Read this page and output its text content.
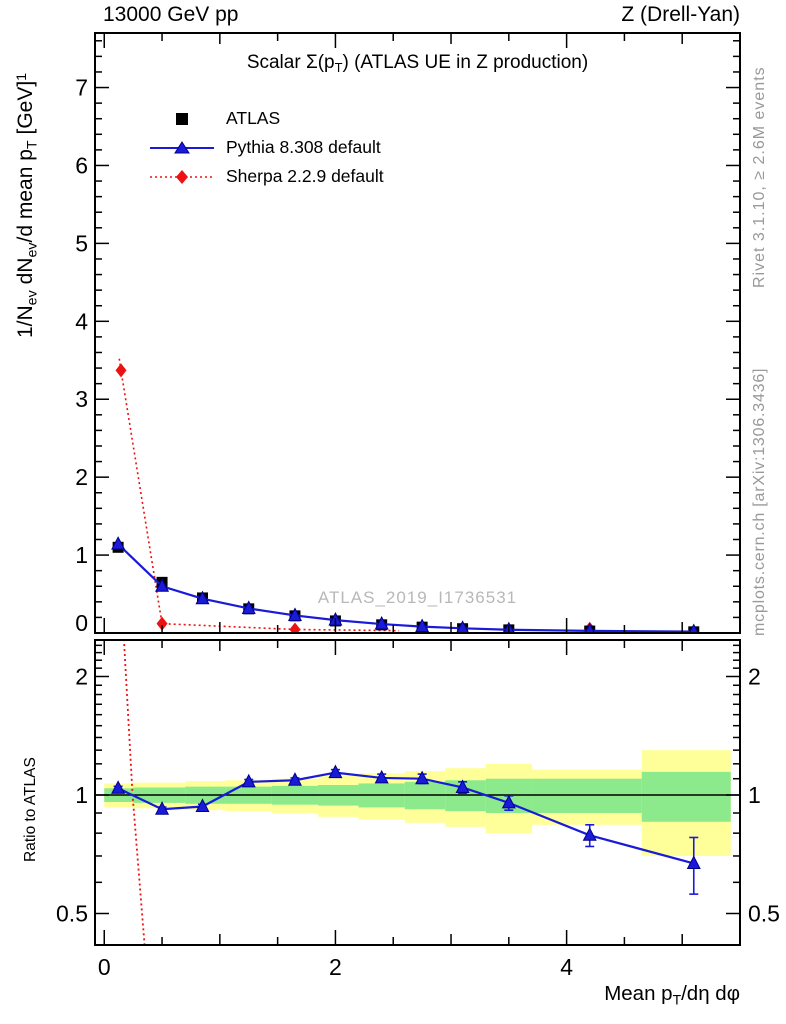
0
1
2
3
4
5
6
7
0.5	0.5
1	1
2	2
0	2	4
13000 GeV pp	Z (Drell-Yan)
Scalar $\Sigma(p_T)$ (ATLAS UE in Z production)
ATLAS
Pythia 8.308 default
Sherpa 2.2.9 default
ATLAS_2019_I1736531
$1/N_{ev}$ $dN_{ev}/d$ mean $p_T$ [GeV]$^1$
Ratio to ATLAS
Rivet 3.1.10, ≥ 2.6M events
mcplots.cern.ch [arXiv:1306.3436]
Mean $p_T/d\eta$ dφ
